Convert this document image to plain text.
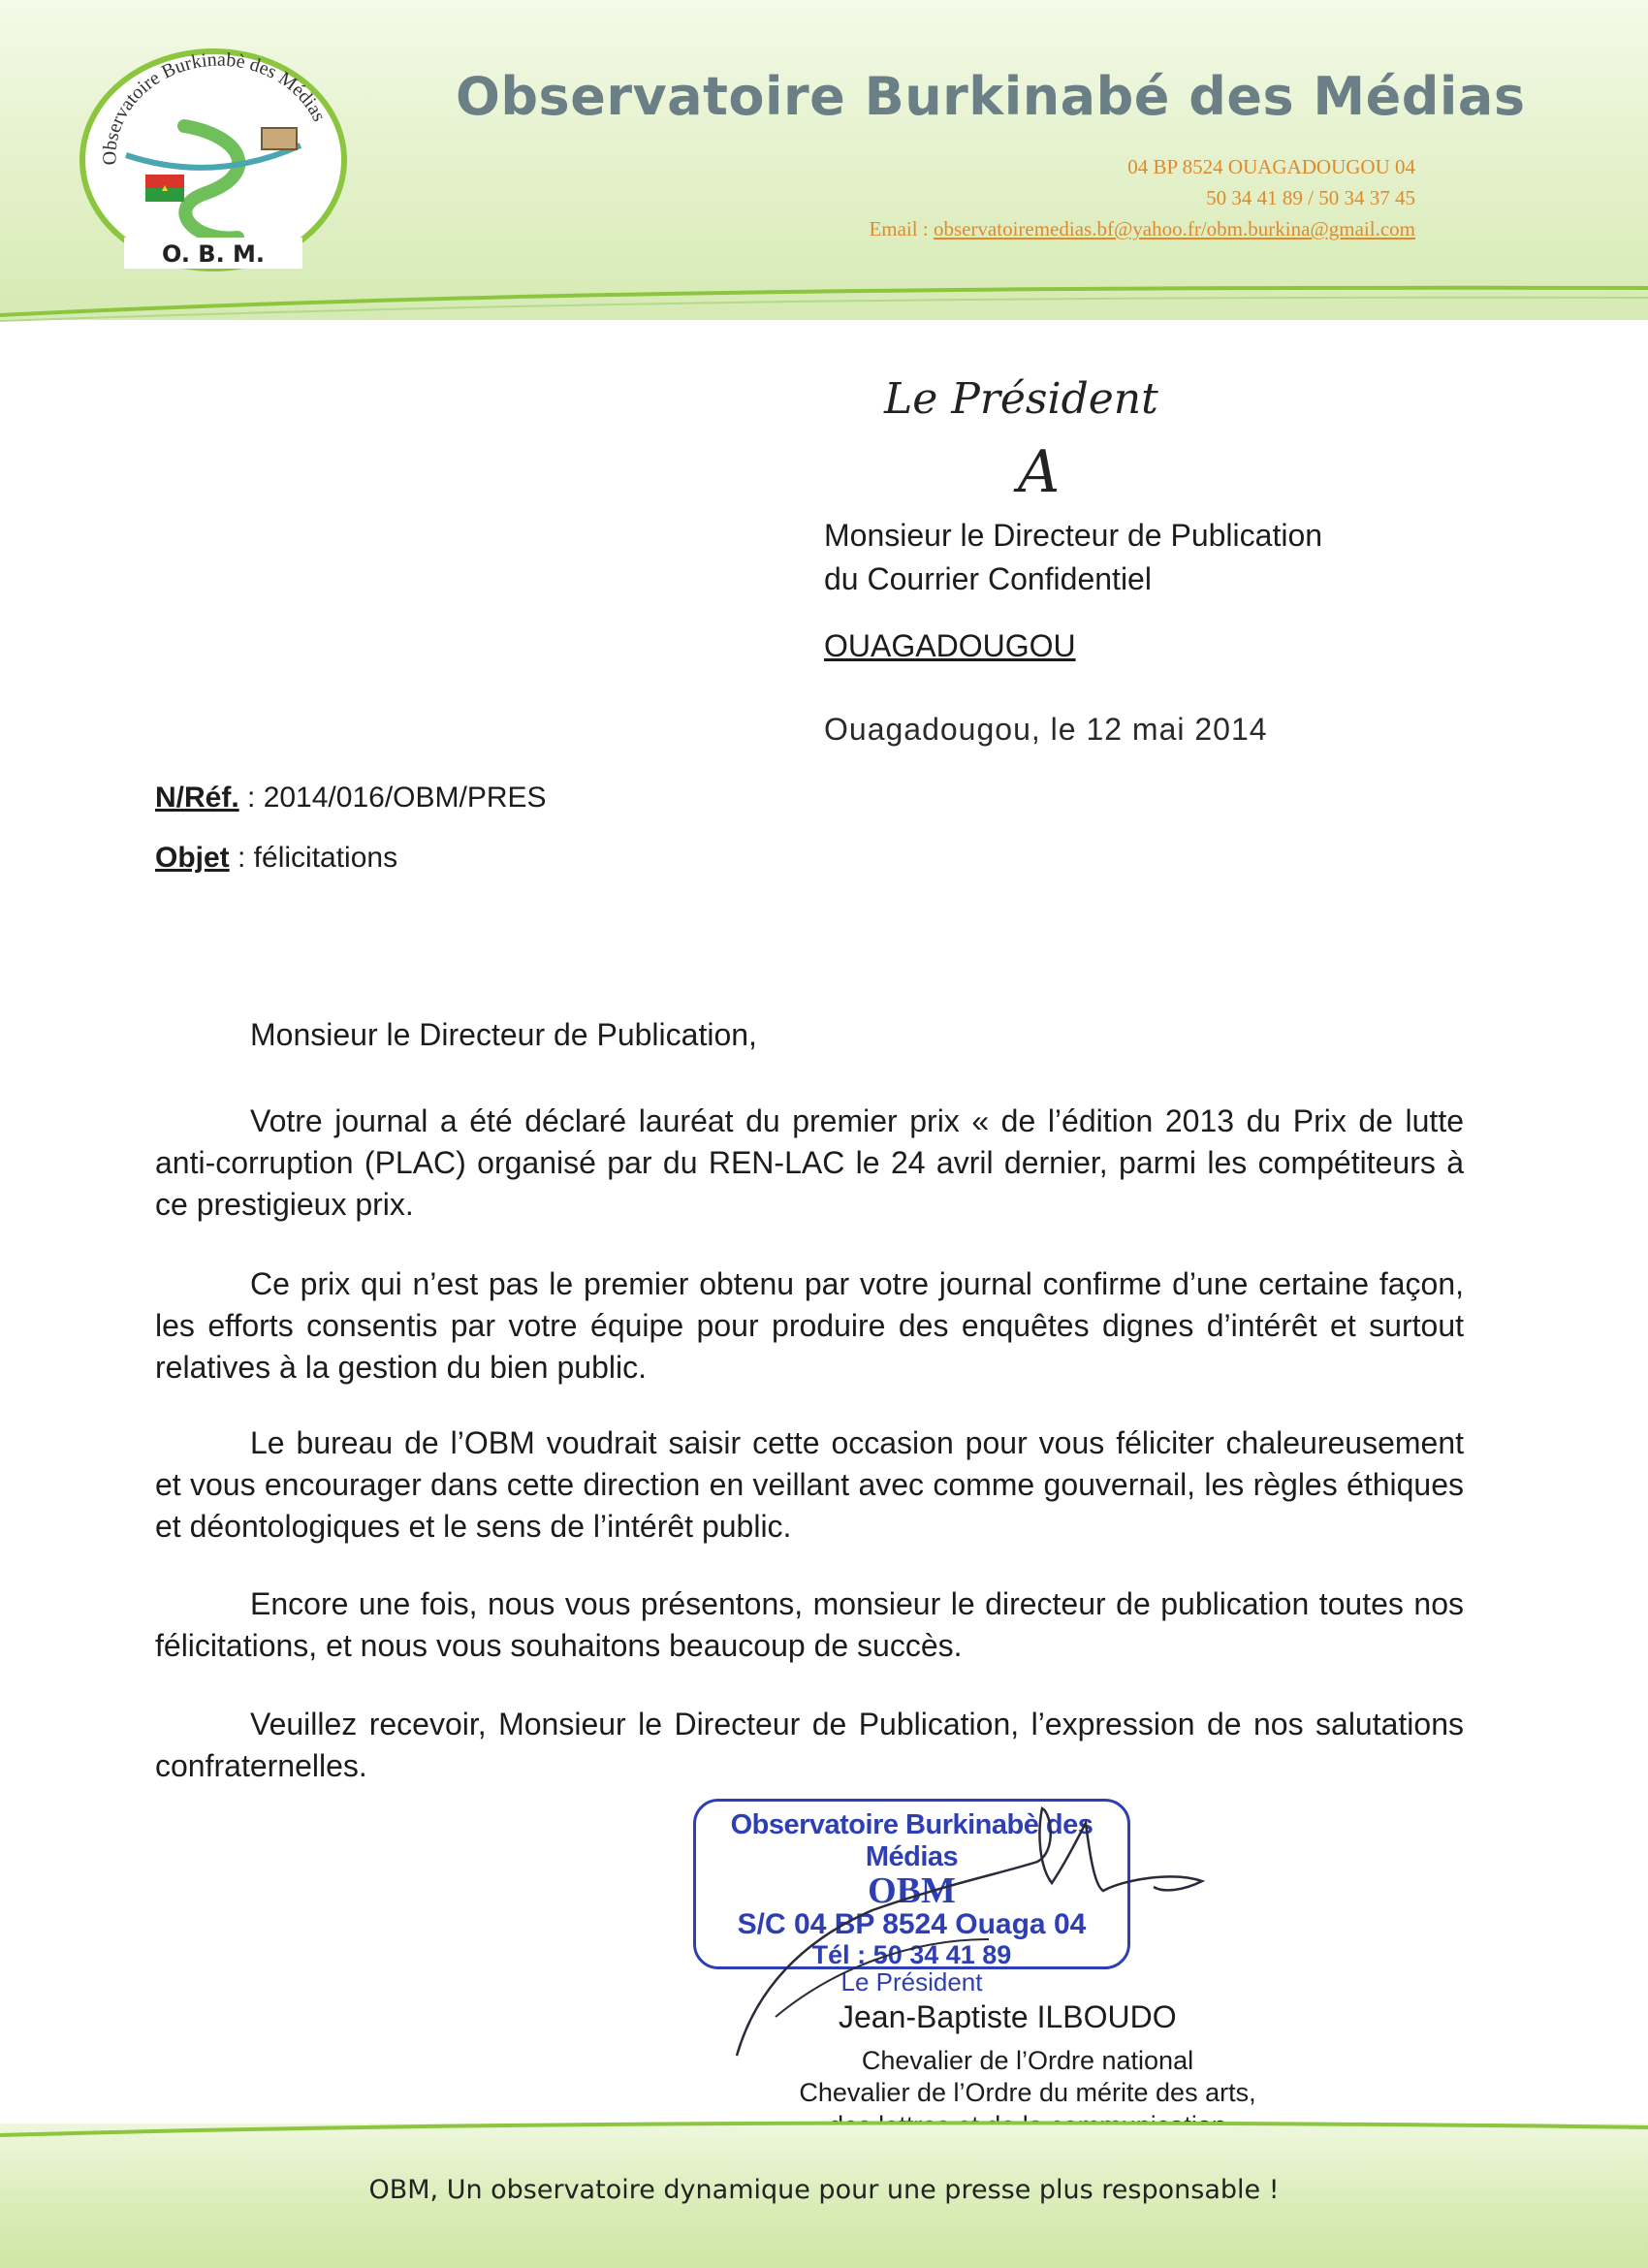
Observatoire Burkinabè des Médias
O. B. M.
Observatoire Burkinabé des Médias
04 BP 8524 OUAGADOUGOU 04
50 34 41 89 / 50 34 37 45
Email : observatoiremedias.bf@yahoo.fr/obm.burkina@gmail.com
Le Président
A
Monsieur le Directeur de Publication
du Courrier Confidentiel
OUAGADOUGOU
Ouagadougou, le 12 mai 2014
N/Réf. : 2014/016/OBM/PRES
Objet : félicitations
Monsieur le Directeur de Publication,
Votre journal a été déclaré lauréat du premier prix « de l’édition 2013 du Prix de lutte anti-corruption (PLAC) organisé par du REN-LAC le 24 avril dernier, parmi les compétiteurs à ce prestigieux prix.
Ce prix qui n’est pas le premier obtenu par votre journal confirme d’une certaine façon, les efforts consentis par votre équipe pour produire des enquêtes dignes d’intérêt et surtout relatives à la gestion du bien public.
Le bureau de l’OBM voudrait saisir cette occasion pour vous féliciter chaleureusement et vous encourager dans cette direction en veillant avec comme gouvernail, les règles éthiques et déontologiques et le sens de l’intérêt public.
Encore une fois, nous vous présentons, monsieur le directeur de publication toutes nos félicitations, et nous vous souhaitons beaucoup de succès.
Veuillez recevoir, Monsieur le Directeur de Publication, l’expression de nos salutations confraternelles.
Observatoire Burkinabè des Médias
OBM
S/C 04 BP 8524 Ouaga 04
Tél : 50 34 41 89
Le Président
Jean-Baptiste ILBOUDO
Chevalier de l’Ordre national
Chevalier de l’Ordre du mérite des arts,
OBM, Un observatoire dynamique pour une presse plus responsable !
